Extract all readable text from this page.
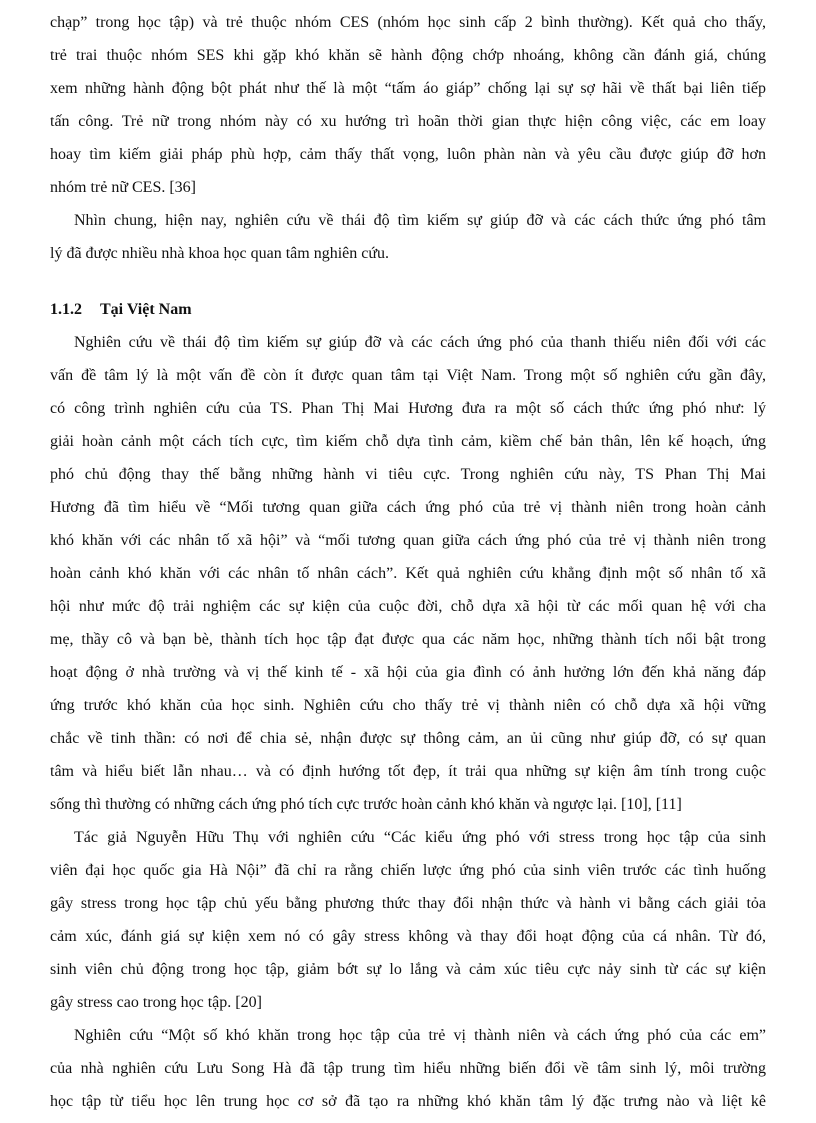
chạp” trong học tập) và trẻ thuộc nhóm CES (nhóm học sinh cấp 2 bình thường). Kết quả cho thấy,
trẻ trai thuộc nhóm SES khi gặp khó khăn sẽ hành động chớp nhoáng, không cần đánh giá, chúng
xem những hành động bột phát như thế là một “tấm áo giáp” chống lại sự sợ hãi về thất bại liên tiếp
tấn công. Trẻ nữ trong nhóm này có xu hướng trì hoãn thời gian thực hiện công việc, các em loay
hoay tìm kiếm giải pháp phù hợp, cảm thấy thất vọng, luôn phàn nàn và yêu cầu được giúp đỡ hơn
nhóm trẻ nữ CES. [36]
Nhìn chung, hiện nay, nghiên cứu về thái độ tìm kiếm sự giúp đỡ và các cách thức ứng phó tâm
lý đã được nhiều nhà khoa học quan tâm nghiên cứu.
1.1.2 Tại Việt Nam
Nghiên cứu về thái độ tìm kiếm sự giúp đỡ và các cách ứng phó của thanh thiếu niên đối với các
vấn đề tâm lý là một vấn đề còn ít được quan tâm tại Việt Nam. Trong một số nghiên cứu gần đây,
có công trình nghiên cứu của TS. Phan Thị Mai Hương đưa ra một số cách thức ứng phó như: lý
giải hoàn cảnh một cách tích cực, tìm kiếm chỗ dựa tình cảm, kiềm chế bản thân, lên kế hoạch, ứng
phó chủ động thay thế bằng những hành vi tiêu cực. Trong nghiên cứu này, TS Phan Thị Mai
Hương đã tìm hiểu về “Mối tương quan giữa cách ứng phó của trẻ vị thành niên trong hoàn cảnh
khó khăn với các nhân tố xã hội” và “mối tương quan giữa cách ứng phó của trẻ vị thành niên trong
hoàn cảnh khó khăn với các nhân tố nhân cách”. Kết quả nghiên cứu khẳng định một số nhân tố xã
hội như mức độ trải nghiệm các sự kiện của cuộc đời, chỗ dựa xã hội từ các mối quan hệ với cha
mẹ, thầy cô và bạn bè, thành tích học tập đạt được qua các năm học, những thành tích nổi bật trong
hoạt động ở nhà trường và vị thế kinh tế - xã hội của gia đình có ảnh hưởng lớn đến khả năng đáp
ứng trước khó khăn của học sinh. Nghiên cứu cho thấy trẻ vị thành niên có chỗ dựa xã hội vững
chắc về tinh thần: có nơi để chia sẻ, nhận được sự thông cảm, an ủi cũng như giúp đỡ, có sự quan
tâm và hiểu biết lẫn nhau… và có định hướng tốt đẹp, ít trải qua những sự kiện âm tính trong cuộc
sống thì thường có những cách ứng phó tích cực trước hoàn cảnh khó khăn và ngược lại. [10], [11]
Tác giả Nguyễn Hữu Thụ với nghiên cứu “Các kiểu ứng phó với stress trong học tập của sinh
viên đại học quốc gia Hà Nội” đã chỉ ra rằng chiến lược ứng phó của sinh viên trước các tình huống
gây stress trong học tập chủ yếu bằng phương thức thay đổi nhận thức và hành vi bằng cách giải tỏa
cảm xúc, đánh giá sự kiện xem nó có gây stress không và thay đổi hoạt động của cá nhân. Từ đó,
sinh viên chủ động trong học tập, giảm bớt sự lo lắng và cảm xúc tiêu cực nảy sinh từ các sự kiện
gây stress cao trong học tập. [20]
Nghiên cứu “Một số khó khăn trong học tập của trẻ vị thành niên và cách ứng phó của các em”
của nhà nghiên cứu Lưu Song Hà đã tập trung tìm hiểu những biến đổi về tâm sinh lý, môi trường
học tập từ tiểu học lên trung học cơ sở đã tạo ra những khó khăn tâm lý đặc trưng nào và liệt kê
